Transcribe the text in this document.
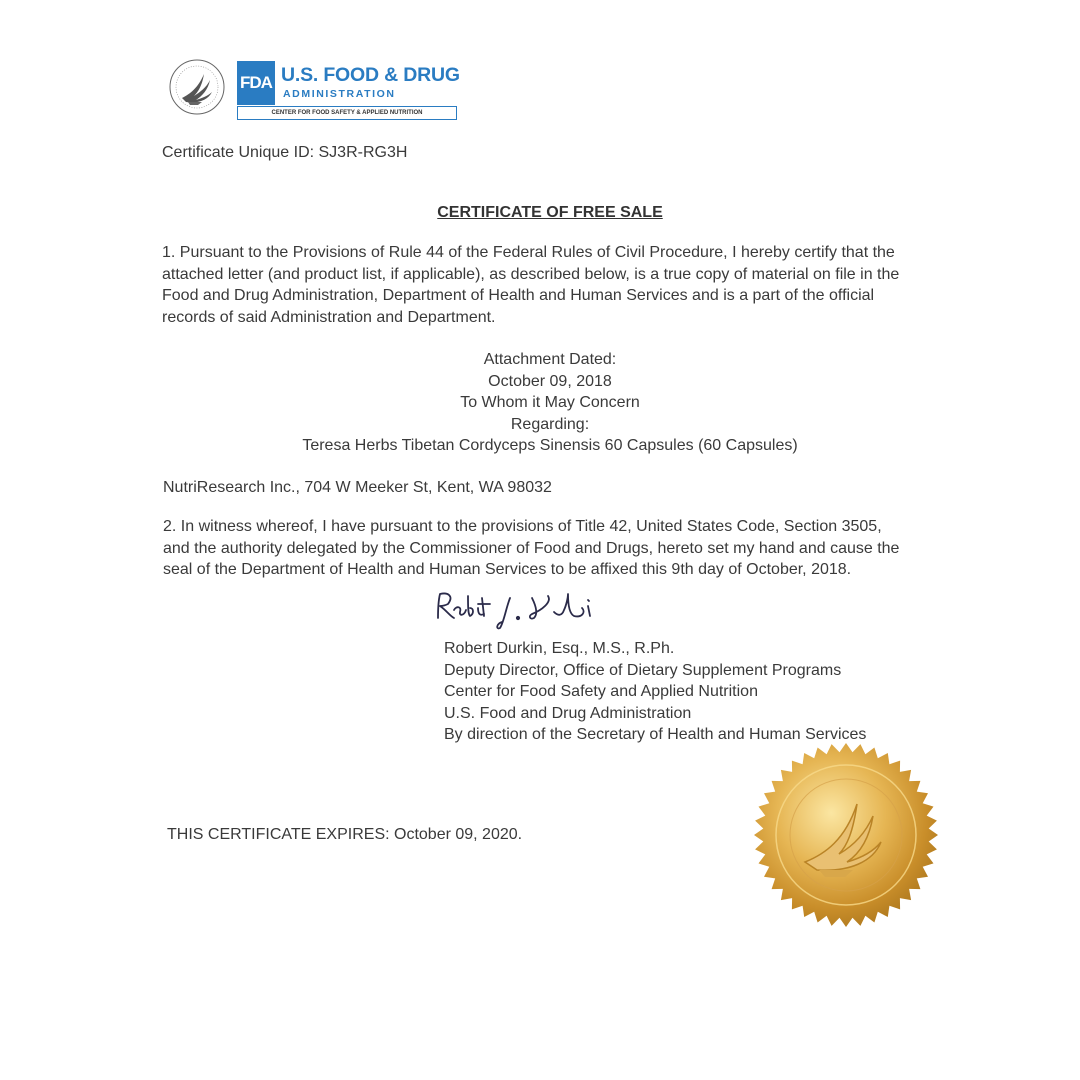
FDA U.S. FOOD & DRUG
ADMINISTRATION
CENTER FOR FOOD SAFETY & APPLIED NUTRITION
Certificate Unique ID: SJ3R-RG3H
CERTIFICATE OF FREE SALE
1. Pursuant to the Provisions of Rule 44 of the Federal Rules of Civil Procedure, I hereby certify that the
attached letter (and product list, if applicable), as described below, is a true copy of material on file in the
Food and Drug Administration, Department of Health and Human Services and is a part of the official
records of said Administration and Department.
Attachment Dated:
October 09, 2018
To Whom it May Concern
Regarding:
Teresa Herbs Tibetan Cordyceps Sinensis 60 Capsules (60 Capsules)
NutriResearch Inc., 704 W Meeker St, Kent, WA 98032
2. In witness whereof, I have pursuant to the provisions of Title 42, United States Code, Section 3505,
and the authority delegated by the Commissioner of Food and Drugs, hereto set my hand and cause the
seal of the Department of Health and Human Services to be affixed this 9th day of October, 2018.
Robert Durkin, Esq., M.S., R.Ph.
Deputy Director, Office of Dietary Supplement Programs
Center for Food Safety and Applied Nutrition
U.S. Food and Drug Administration
By direction of the Secretary of Health and Human Services
THIS CERTIFICATE EXPIRES: October 09, 2020.
